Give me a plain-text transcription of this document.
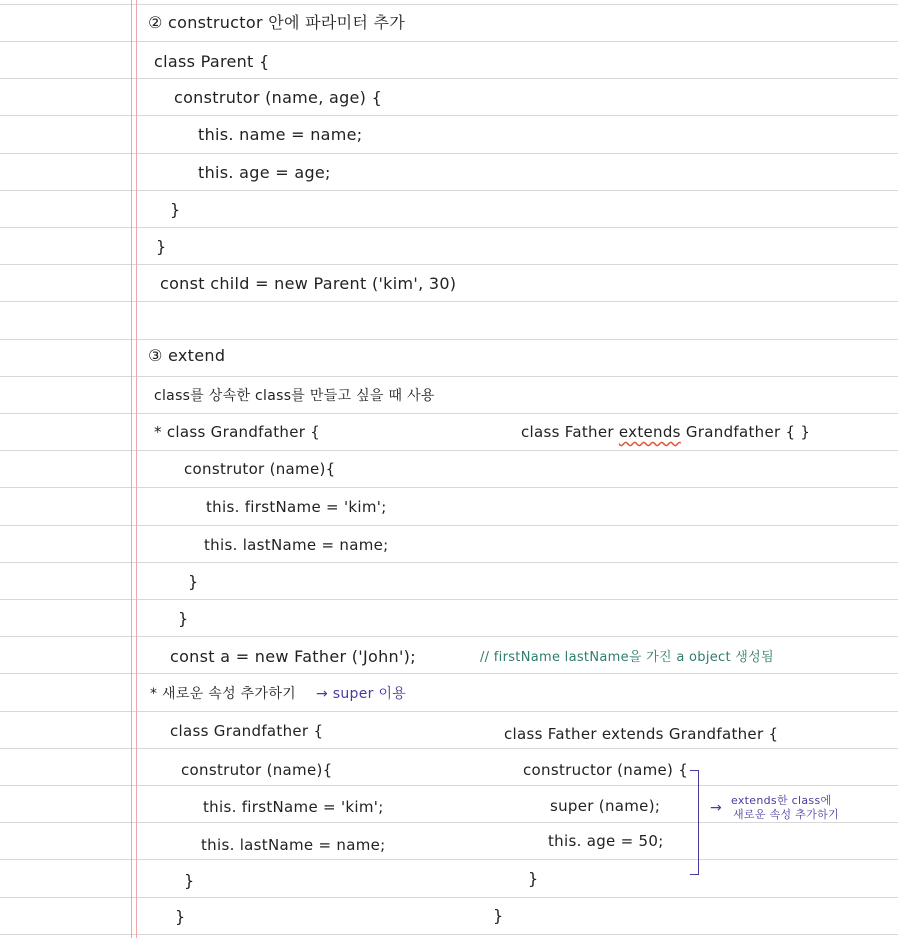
② constructor 안에 파라미터 추가
class Parent {
construtor (name, age) {
this. name = name;
this. age = age;
}
}
const child = new Parent ('kim', 30)
③ extend
class를 상속한 class를 만들고 싶을 때 사용
* class Grandfather {
construtor (name){
this. firstName = 'kim';
this. lastName = name;
}
}
class Father extends Grandfather { }
const a = new Father ('John');	// firstName lastName을 가진 a object 생성됨
* 새로운 속성 추가하기 → super 이용
class Grandfather {
construtor (name){
this. firstName = 'kim';
this. lastName = name;
}
}
class Father extends Grandfather {
constructor (name) {
super (name);
this. age = 50;
}
}
→ extends한 class에
새로운 속성 추가하기
